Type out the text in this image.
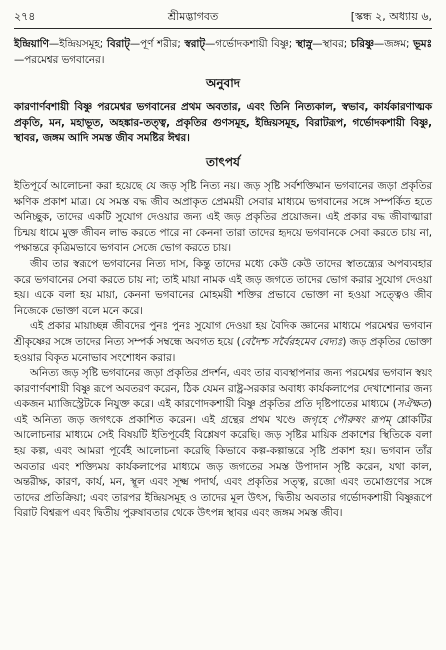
২৭৪	শ্রীমদ্ভাগবত	[স্কন্ধ ২, অধ্যায় ৬,

ইন্দ্রিয়াণি—ইন্দ্রিয়সমূহ; বিরাট্—পূর্ণ শরীর; স্বরাট্—গর্ভোদকশায়ী বিষ্ণু; স্থাস্নু—স্থাবর; চরিষ্ণু—জঙ্গম; ভূমঃ—পরমেশ্বর ভগবানের।

অনুবাদ

কারণার্ণবশায়ী বিষ্ণু পরমেশ্বর ভগবানের প্রথম অবতার, এবং তিনি নিত্যকাল, স্বভাব, কার্যকারণাত্মক প্রকৃতি, মন, মহাভূত, অহঙ্কার-তত্ত্ব, প্রকৃতির গুণসমূহ, ইন্দ্রিয়সমূহ, বিরাটরূপ, গর্ভোদকশায়ী বিষ্ণু, স্থাবর, জঙ্গম আদি সমস্ত জীব সমষ্টির ঈশ্বর।

তাৎপর্য

ইতিপূর্বে আলোচনা করা হয়েছে যে জড় সৃষ্টি নিত্য নয়। জড় সৃষ্টি সর্বশক্তিমান ভগবানের জড়া প্রকৃতির ক্ষণিক প্রকাশ মাত্র। যে সমস্ত বদ্ধ জীব অপ্রাকৃত প্রেমময়ী সেবার মাধ্যমে ভগবানের সঙ্গে সম্পর্কিত হতে অনিচ্ছুক, তাদের একটি সুযোগ দেওয়ার জন্য এই জড় প্রকৃতির প্রয়োজন। এই প্রকার বদ্ধ জীবাত্মারা চিন্ময় ধামে মুক্ত জীবন লাভ করতে পারে না কেননা তারা তাদের হৃদয়ে ভগবানকে সেবা করতে চায় না, পক্ষান্তরে কৃত্রিমভাবে ভগবান সেজে ভোগ করতে চায়।

জীব তার স্বরূপে ভগবানের নিত্য দাস, কিন্তু তাদের মধ্যে কেউ কেউ তাদের স্বাতন্ত্র্যের অপব্যবহার করে ভগবানের সেবা করতে চায় না; তাই মায়া নামক এই জড় জগতে তাদের ভোগ করার সুযোগ দেওয়া হয়। একে বলা হয় মায়া, কেননা ভগবানের মোহময়ী শক্তির প্রভাবে ভোক্তা না হওয়া সত্ত্বেও জীব নিজেকে ভোক্তা বলে মনে করে।

এই প্রকার মায়াচ্ছন্ন জীবদের পুনঃ পুনঃ সুযোগ দেওয়া হয় বৈদিক জ্ঞানের মাধ্যমে পরমেশ্বর ভগবান শ্রীকৃষ্ণের সঙ্গে তাদের নিত্য সম্পর্ক সম্বন্ধে অবগত হয়ে (বেদৈশ্চ সর্বৈরহমেব বেদ্যঃ) জড় প্রকৃতির ভোক্তা হওয়ার বিকৃত মনোভাব সংশোধন করার।

অনিত্য জড় সৃষ্টি ভগবানের জড়া প্রকৃতির প্রদর্শন, এবং তার ব্যবস্থাপনার জন্য পরমেশ্বর ভগবান স্বয়ং কারণার্ণবশায়ী বিষ্ণু রূপে অবতরণ করেন, ঠিক যেমন রাষ্ট্র-সরকার অবাধ্য কার্যকলাপের দেখাশোনার জন্য একজন ম্যাজিস্ট্রেটকে নিযুক্ত করে। এই কারণোদকশায়ী বিষ্ণু প্রকৃতির প্রতি দৃষ্টিপাতের মাধ্যমে (সঐক্ষত) এই অনিত্য জড় জগৎকে প্রকাশিত করেন। এই গ্রন্থের প্রথম খণ্ডে জগৃহে পৌরুষং রূপম্ শ্লোকটির আলোচনার মাধ্যমে সেই বিষয়টি ইতিপূর্বেই বিশ্লেষণ করেছি। জড় সৃষ্টির মায়িক প্রকাশের স্থিতিকে বলা হয় কল্প, এবং আমরা পূর্বেই আলোচনা করেছি কিভাবে কল্প-কল্পান্তরে সৃষ্টি প্রকাশ হয়। ভগবান তাঁর অবতার এবং শক্ত্যিময় কার্যকলাপের মাধ্যমে জড় জগতের সমস্ত উপাদান সৃষ্টি করেন, যথা কাল, অন্তরীক্ষ, কারণ, কার্য, মন, স্থূল এবং সূক্ষ্ম পদার্থ, এবং প্রকৃতির সত্ত্ব, রজো এবং তমোগুণের সঙ্গে তাদের প্রতিক্রিয়া; এবং তারপর ইন্দ্রিয়সমূহ ও তাদের মূল উৎস, দ্বিতীয় অবতার গর্ভোদকশায়ী বিষ্ণুরূপে বিরাট বিশ্বরূপ এবং দ্বিতীয় পুরুষাবতার থেকে উৎপন্ন স্থাবর এবং জঙ্গম সমস্ত জীব।
